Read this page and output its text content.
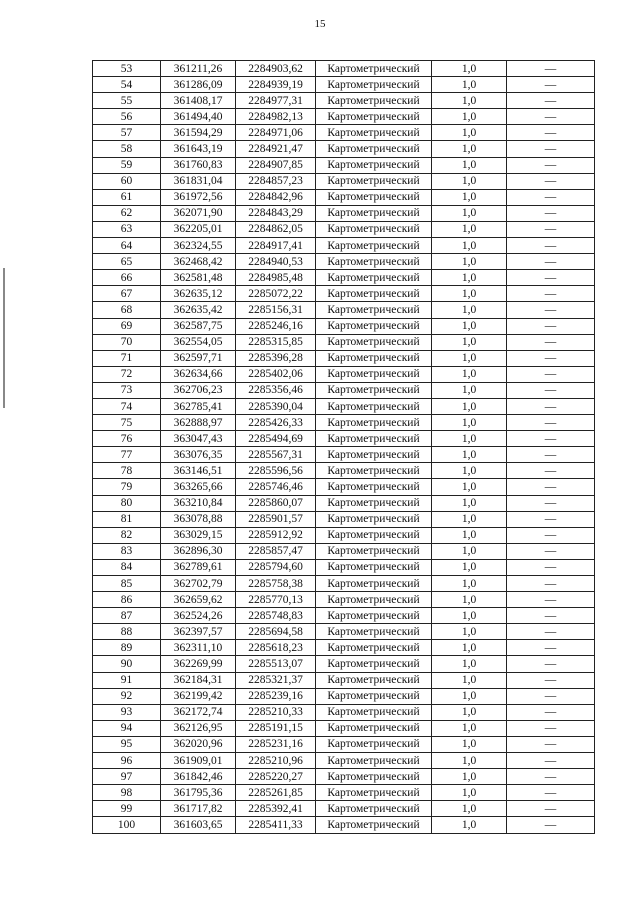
15
53	361211,26	2284903,62	Картометрический	1,0	—
54	361286,09	2284939,19	Картометрический	1,0	—
55	361408,17	2284977,31	Картометрический	1,0	—
56	361494,40	2284982,13	Картометрический	1,0	—
57	361594,29	2284971,06	Картометрический	1,0	—
58	361643,19	2284921,47	Картометрический	1,0	—
59	361760,83	2284907,85	Картометрический	1,0	—
60	361831,04	2284857,23	Картометрический	1,0	—
61	361972,56	2284842,96	Картометрический	1,0	—
62	362071,90	2284843,29	Картометрический	1,0	—
63	362205,01	2284862,05	Картометрический	1,0	—
64	362324,55	2284917,41	Картометрический	1,0	—
65	362468,42	2284940,53	Картометрический	1,0	—
66	362581,48	2284985,48	Картометрический	1,0	—
67	362635,12	2285072,22	Картометрический	1,0	—
68	362635,42	2285156,31	Картометрический	1,0	—
69	362587,75	2285246,16	Картометрический	1,0	—
70	362554,05	2285315,85	Картометрический	1,0	—
71	362597,71	2285396,28	Картометрический	1,0	—
72	362634,66	2285402,06	Картометрический	1,0	—
73	362706,23	2285356,46	Картометрический	1,0	—
74	362785,41	2285390,04	Картометрический	1,0	—
75	362888,97	2285426,33	Картометрический	1,0	—
76	363047,43	2285494,69	Картометрический	1,0	—
77	363076,35	2285567,31	Картометрический	1,0	—
78	363146,51	2285596,56	Картометрический	1,0	—
79	363265,66	2285746,46	Картометрический	1,0	—
80	363210,84	2285860,07	Картометрический	1,0	—
81	363078,88	2285901,57	Картометрический	1,0	—
82	363029,15	2285912,92	Картометрический	1,0	—
83	362896,30	2285857,47	Картометрический	1,0	—
84	362789,61	2285794,60	Картометрический	1,0	—
85	362702,79	2285758,38	Картометрический	1,0	—
86	362659,62	2285770,13	Картометрический	1,0	—
87	362524,26	2285748,83	Картометрический	1,0	—
88	362397,57	2285694,58	Картометрический	1,0	—
89	362311,10	2285618,23	Картометрический	1,0	—
90	362269,99	2285513,07	Картометрический	1,0	—
91	362184,31	2285321,37	Картометрический	1,0	—
92	362199,42	2285239,16	Картометрический	1,0	—
93	362172,74	2285210,33	Картометрический	1,0	—
94	362126,95	2285191,15	Картометрический	1,0	—
95	362020,96	2285231,16	Картометрический	1,0	—
96	361909,01	2285210,96	Картометрический	1,0	—
97	361842,46	2285220,27	Картометрический	1,0	—
98	361795,36	2285261,85	Картометрический	1,0	—
99	361717,82	2285392,41	Картометрический	1,0	—
100	361603,65	2285411,33	Картометрический	1,0	—
